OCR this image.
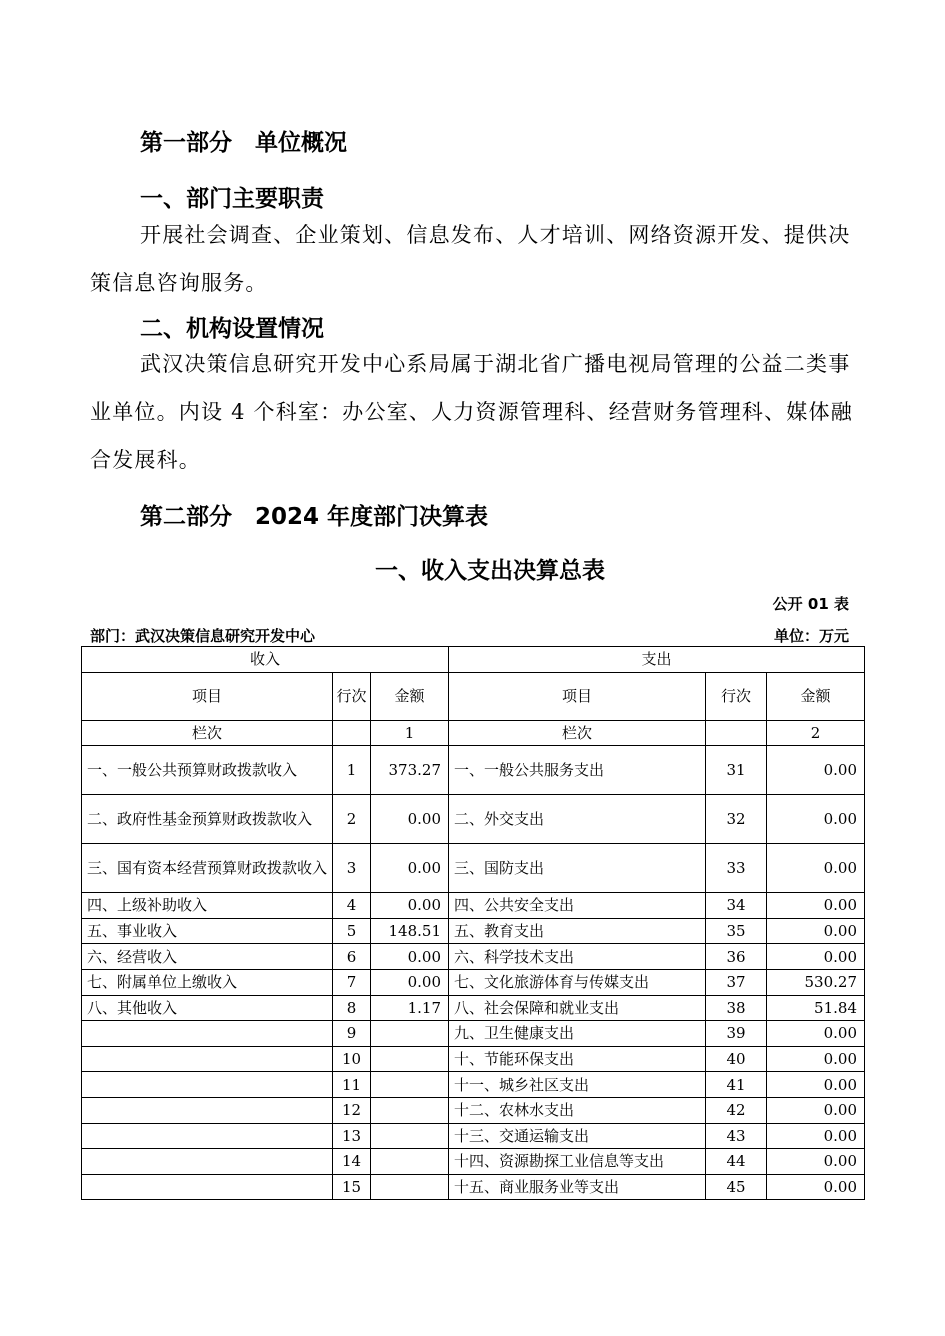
第一部分　单位概况
一、部门主要职责
开展社会调查、企业策划、信息发布、人才培训、网络资源开发、提供决策信息咨询服务。
二、机构设置情况
武汉决策信息研究开发中心系局属于湖北省广播电视局管理的公益二类事业单位。内设 4 个科室：办公室、人力资源管理科、经营财务管理科、媒体融合发展科。
第二部分　2024 年度部门决算表
一、收入支出决算总表
公开 01 表
部门：武汉决策信息研究开发中心	单位：万元
收入			支出		
项目	行次	金额	项目	行次	金额
栏次		1	栏次		2
一、一般公共预算财政拨款收入	1	373.27	一、一般公共服务支出	31	0.00
二、政府性基金预算财政拨款收入	2	0.00	二、外交支出	32	0.00
三、国有资本经营预算财政拨款收入	3	0.00	三、国防支出	33	0.00
四、上级补助收入	4	0.00	四、公共安全支出	34	0.00
五、事业收入	5	148.51	五、教育支出	35	0.00
六、经营收入	6	0.00	六、科学技术支出	36	0.00
七、附属单位上缴收入	7	0.00	七、文化旅游体育与传媒支出	37	530.27
八、其他收入	8	1.17	八、社会保障和就业支出	38	51.84
	9		九、卫生健康支出	39	0.00
	10		十、节能环保支出	40	0.00
	11		十一、城乡社区支出	41	0.00
	12		十二、农林水支出	42	0.00
	13		十三、交通运输支出	43	0.00
	14		十四、资源勘探工业信息等支出	44	0.00
	15		十五、商业服务业等支出	45	0.00
